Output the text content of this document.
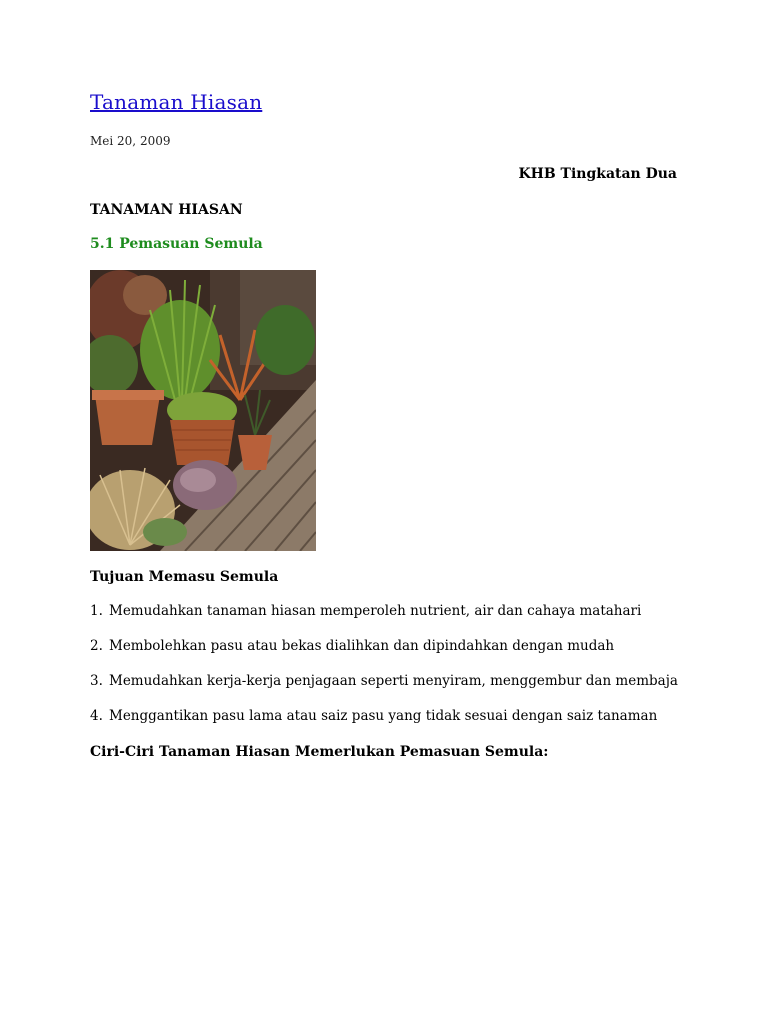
Tanaman Hiasan
Mei 20, 2009
KHB Tingkatan Dua
TANAMAN HIASAN
5.1 Pemasuan Semula
Tujuan Memasu Semula
1. Memudahkan tanaman hiasan memperoleh nutrient, air dan cahaya matahari
2. Membolehkan pasu atau bekas dialihkan dan dipindahkan dengan mudah
3. Memudahkan kerja-kerja penjagaan seperti menyiram, menggembur dan membaja
4. Menggantikan pasu lama atau saiz pasu yang tidak sesuai dengan saiz tanaman
Ciri-Ciri Tanaman Hiasan Memerlukan Pemasuan Semula:
